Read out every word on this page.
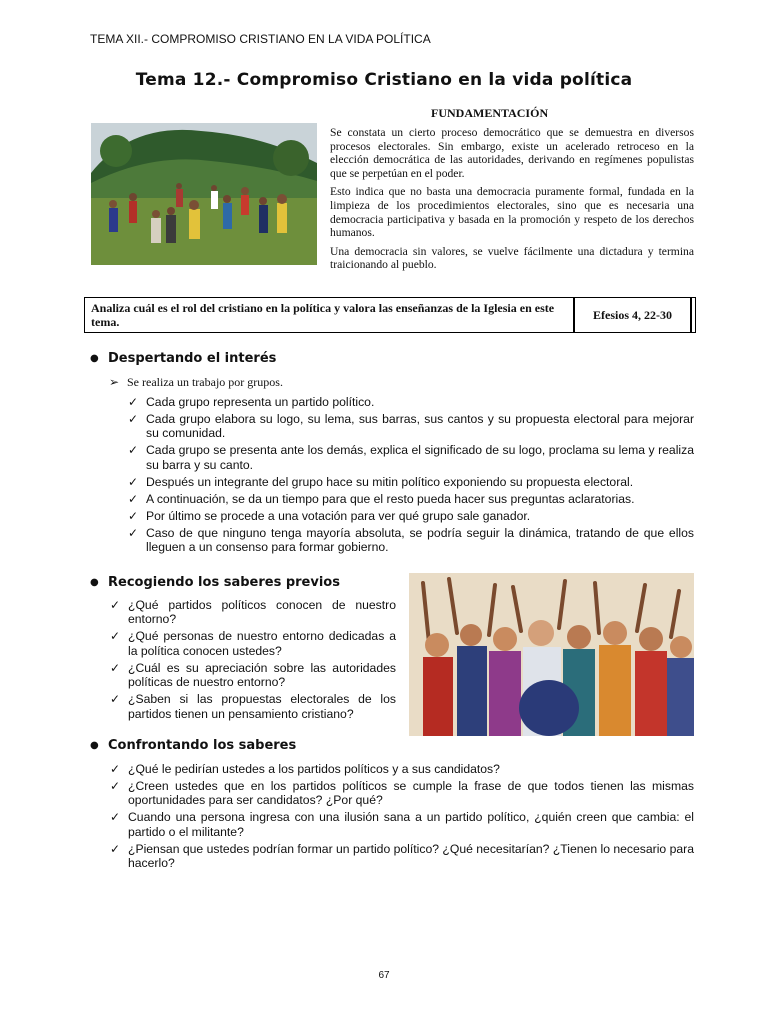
TEMA XII.- COMPROMISO CRISTIANO EN LA VIDA POLÍTICA
Tema 12.- Compromiso Cristiano en la vida política
FUNDAMENTACIÓN

Se constata un cierto proceso democrático que se demuestra en diversos procesos electorales. Sin embargo, existe un acelerado retroceso en la elección democrática de las autoridades, derivando en regímenes populistas que se perpetúan en el poder.

Esto indica que no basta una democracia puramente formal, fundada en la limpieza de los procedimientos electorales, sino que es necesaria una democracia participativa y basada en la promoción y respeto de los derechos humanos.

Una democracia sin valores, se vuelve fácilmente una dictadura y termina traicionando al pueblo.

Analiza cuál es el rol del cristiano en la política y valora las enseñanzas de la Iglesia en este tema.
Efesios 4, 22-30
● Despertando el interés
➢ Se realiza un trabajo por grupos.
✓ Cada grupo representa un partido político.
✓ Cada grupo elabora su logo, su lema, sus barras, sus cantos y su propuesta electoral para mejorar su comunidad.
✓ Cada grupo se presenta ante los demás, explica el significado de su logo, proclama su lema y realiza su barra y su canto.
✓ Después un integrante del grupo hace su mitin político exponiendo su propuesta electoral.
✓ A continuación, se da un tiempo para que el resto pueda hacer sus preguntas aclaratorias.
✓ Por último se procede a una votación para ver qué grupo sale ganador.
✓ Caso de que ninguno tenga mayoría absoluta, se podría seguir la dinámica, tratando de que ellos lleguen a un consenso para formar gobierno.
● Recogiendo los saberes previos
✓ ¿Qué partidos políticos conocen de nuestro entorno?
✓ ¿Qué personas de nuestro entorno dedicadas a la política conocen ustedes?
✓ ¿Cuál es su apreciación sobre las autoridades políticas de nuestro entorno?
✓ ¿Saben si las propuestas electorales de los partidos tienen un pensamiento cristiano?
● Confrontando los saberes
✓ ¿Qué le pedirían ustedes a los partidos políticos y a sus candidatos?
✓ ¿Creen ustedes que en los partidos políticos se cumple la frase de que todos tienen las mismas oportunidades para ser candidatos? ¿Por qué?
✓ Cuando una persona ingresa con una ilusión sana a un partido político, ¿quién creen que cambia: el partido o el militante?
✓ ¿Piensan que ustedes podrían formar un partido político? ¿Qué necesitarían? ¿Tienen lo necesario para hacerlo?
67
